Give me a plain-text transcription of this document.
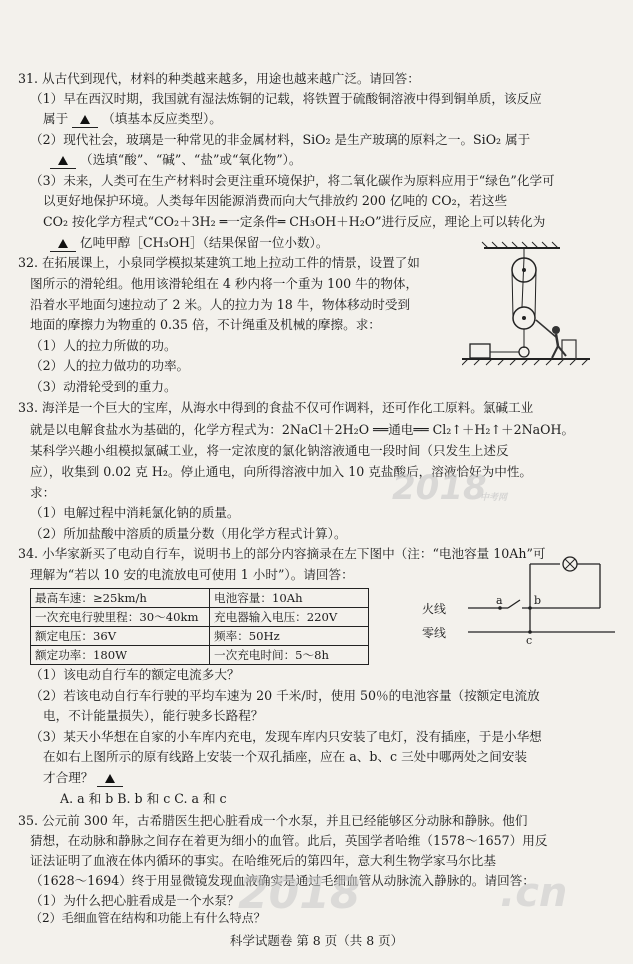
31. 从古代到现代，材料的种类越来越多，用途也越来越广泛。请回答：
（1）早在西汉时期，我国就有湿法炼铜的记载，将铁置于硫酸铜溶液中得到铜单质，该反应
属于  （填基本反应类型）。
（2）现代社会，玻璃是一种常见的非金属材料，SiO₂ 是生产玻璃的原料之一。SiO₂ 属于
（选填“酸”、“碱”、“盐”或“氧化物”）。
（3）未来，人类可在生产材料时会更注重环境保护，将二氧化碳作为原料应用于“绿色”化学可
以更好地保护环境。人类每年因能源消费而向大气排放约 200 亿吨的 CO₂，若这些
CO₂ 按化学方程式“CO₂＋3H₂ ═一定条件═ CH₃OH＋H₂O”进行反应，理论上可以转化为
亿吨甲醇［CH₃OH］（结果保留一位小数）。
32. 在拓展课上，小泉同学模拟某建筑工地上拉动工件的情景，设置了如
图所示的滑轮组。他用该滑轮组在 4 秒内将一个重为 100 牛的物体，
沿着水平地面匀速拉动了 2 米。人的拉力为 18 牛，物体移动时受到
地面的摩擦力为物重的 0.35 倍，不计绳重及机械的摩擦。求：
（1）人的拉力所做的功。
（2）人的拉力做功的功率。
（3）动滑轮受到的重力。
33. 海洋是一个巨大的宝库，从海水中得到的食盐不仅可作调料，还可作化工原料。氯碱工业
就是以电解食盐水为基础的，化学方程式为：2NaCl＋2H₂O ══通电══ Cl₂↑＋H₂↑＋2NaOH。
某科学兴趣小组模拟氯碱工业，将一定浓度的氯化钠溶液通电一段时间（只发生上述反
应），收集到 0.02 克 H₂。停止通电，向所得溶液中加入 10 克盐酸后，溶液恰好为中性。
求：
（1）电解过程中消耗氯化钠的质量。
（2）所加盐酸中溶质的质量分数（用化学方程式计算）。
34. 小华家新买了电动自行车，说明书上的部分内容摘录在左下图中（注：“电池容量 10Ah”可
理解为“若以 10 安的电流放电可使用 1 小时”）。请回答：
最高车速：≥25km/h	电池容量：10Ah
一次充电行驶里程：30～40km	充电器输入电压：220V
额定电压：36V	频率：50Hz
额定功率：180W	一次充电时间：5～8h
火线
零线
a	b
c
（1）该电动自行车的额定电流多大？
（2）若该电动自行车行驶的平均车速为 20 千米/时，使用 50％的电池容量（按额定电流放
电，不计能量损失），能行驶多长路程？
（3）某天小华想在自家的小车库内充电，发现车库内只安装了电灯，没有插座，于是小华想
在如右上图所示的原有线路上安装一个双孔插座，应在 a、b、c 三处中哪两处之间安装
才合理？
A. a 和 b B. b 和 c C. a 和 c
35. 公元前 300 年，古希腊医生把心脏看成一个水泵，并且已经能够区分动脉和静脉。他们
猜想，在动脉和静脉之间存在着更为细小的血管。此后，英国学者哈维（1578～1657）用反
证法证明了血液在体内循环的事实。在哈维死后的第四年，意大利生物学家马尔比基
（1628～1694）终于用显微镜发现血液确实是通过毛细血管从动脉流入静脉的。请回答：
（1）为什么把心脏看成是一个水泵？
（2）毛细血管在结构和功能上有什么特点？
2018
中考网
2018	.cn
科学试题卷 第 8 页（共 8 页）
